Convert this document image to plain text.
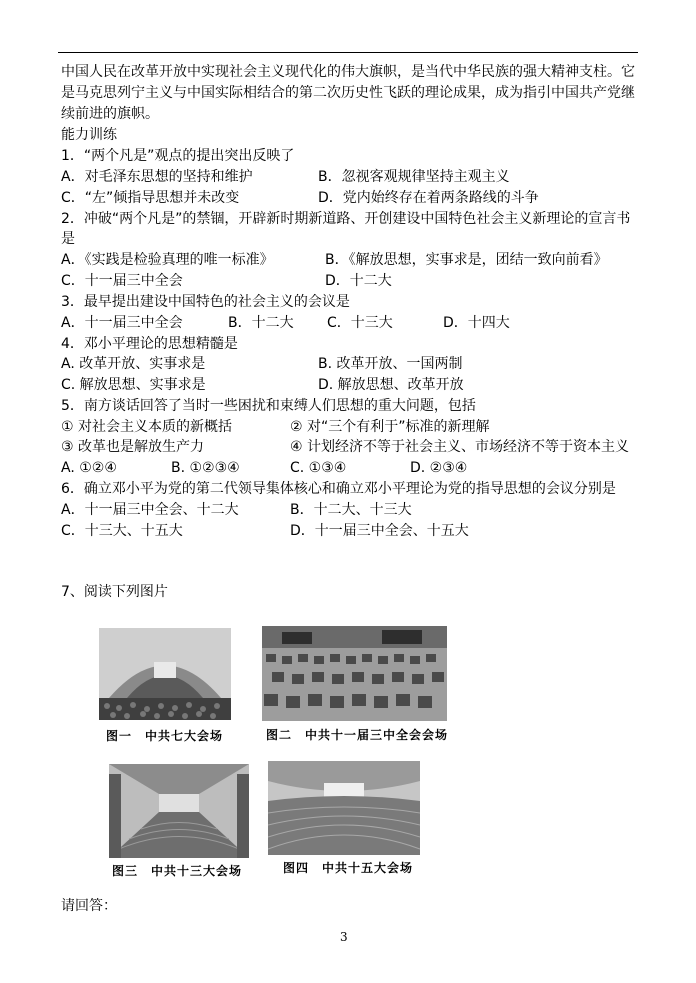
中国人民在改革开放中实现社会主义现代化的伟大旗帜，是当代中华民族的强大精神支柱。它
是马克思列宁主义与中国实际相结合的第二次历史性飞跃的理论成果，成为指引中国共产党继
续前进的旗帜。
能力训练
1．“两个凡是”观点的提出突出反映了
A．对毛泽东思想的坚持和维护	B．忽视客观规律坚持主观主义
C．“左”倾指导思想并未改变	D．党内始终存在着两条路线的斗争
2．冲破“两个凡是”的禁锢，开辟新时期新道路、开创建设中国特色社会主义新理论的宣言书
是
A．《实践是检验真理的唯一标准》	B．《解放思想，实事求是，团结一致向前看》
C．十一届三中全会	D．十二大
3．最早提出建设中国特色的社会主义的会议是
A．十一届三中全会	B．十二大 C．十三大	D．十四大
4．邓小平理论的思想精髓是
A. 改革开放、实事求是	B. 改革开放、一国两制
C. 解放思想、实事求是	D. 解放思想、改革开放
5．南方谈话回答了当时一些困扰和束缚人们思想的重大问题，包括
① 对社会主义本质的新概括	② 对“三个有利于”标准的新理解
③ 改革也是解放生产力	④ 计划经济不等于社会主义、市场经济不等于资本主义
A. ①②④	B. ①②③④	C. ①③④	D. ②③④
6．确立邓小平为党的第二代领导集体核心和确立邓小平理论为党的指导思想的会议分别是
A．十一届三中全会、十二大	B．十二大、十三大
C．十三大、十五大	D．十一届三中全会、十五大
7、阅读下列图片
图一　中共七大会场	图二　中共十一届三中全会会场
图三　中共十三大会场	图四　中共十五大会场
请回答：
3
